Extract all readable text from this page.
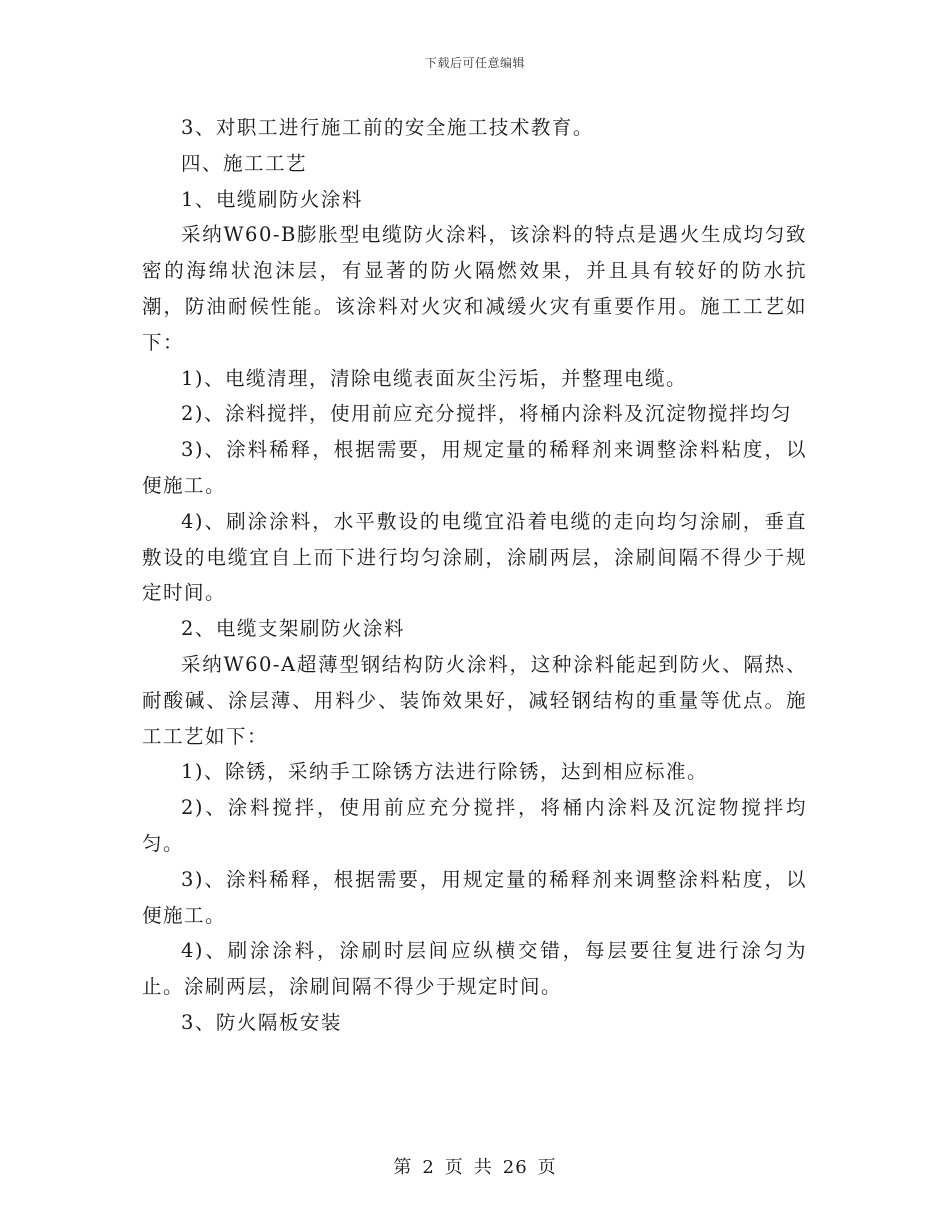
下载后可任意编辑

3、对职工进行施工前的安全施工技术教育。

四、施工工艺

1、电缆刷防火涂料

采纳W60-B膨胀型电缆防火涂料，该涂料的特点是遇火生成均匀致密的海绵状泡沫层，有显著的防火隔燃效果，并且具有较好的防水抗潮，防油耐候性能。该涂料对火灾和减缓火灾有重要作用。施工工艺如下：

1)、电缆清理，清除电缆表面灰尘污垢，并整理电缆。

2)、涂料搅拌，使用前应充分搅拌，将桶内涂料及沉淀物搅拌均匀

3)、涂料稀释，根据需要，用规定量的稀释剂来调整涂料粘度，以便施工。

4)、刷涂涂料，水平敷设的电缆宜沿着电缆的走向均匀涂刷，垂直敷设的电缆宜自上而下进行均匀涂刷，涂刷两层，涂刷间隔不得少于规定时间。

2、电缆支架刷防火涂料

采纳W60-A超薄型钢结构防火涂料，这种涂料能起到防火、隔热、耐酸碱、涂层薄、用料少、装饰效果好，减轻钢结构的重量等优点。施工工艺如下：

1)、除锈，采纳手工除锈方法进行除锈，达到相应标准。

2)、涂料搅拌，使用前应充分搅拌，将桶内涂料及沉淀物搅拌均匀。

3)、涂料稀释，根据需要，用规定量的稀释剂来调整涂料粘度，以便施工。

4)、刷涂涂料，涂刷时层间应纵横交错，每层要往复进行涂匀为止。涂刷两层，涂刷间隔不得少于规定时间。

3、防火隔板安装

第 2 页 共 26 页
